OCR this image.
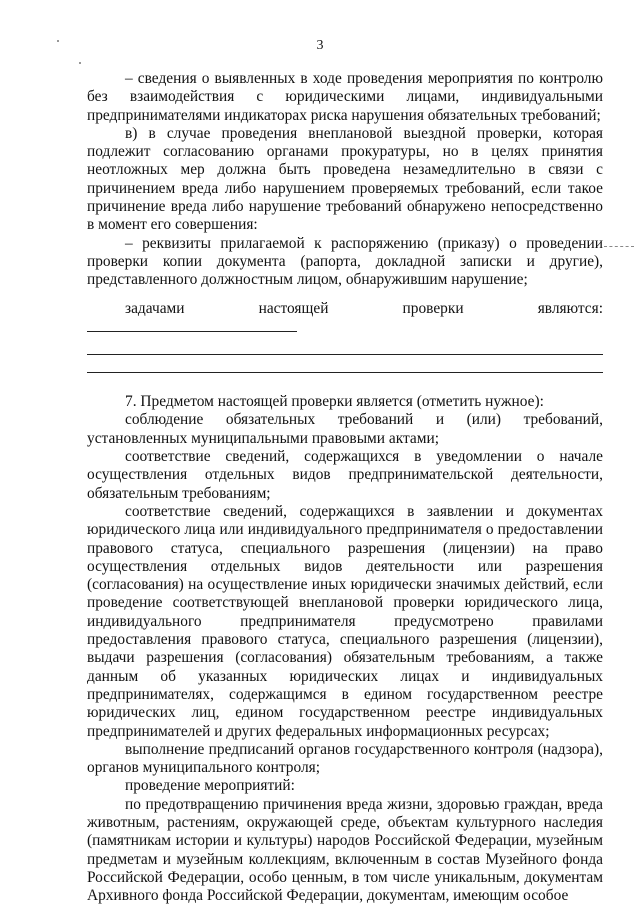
3

– сведения о выявленных в ходе проведения мероприятия по контролю без взаимодействия с юридическими лицами, индивидуальными предпринимателями индикаторах риска нарушения обязательных требований;

в) в случае проведения внеплановой выездной проверки, которая подлежит согласованию органами прокуратуры, но в целях принятия неотложных мер должна быть проведена незамедлительно в связи с причинением вреда либо нарушением проверяемых требований, если такое причинение вреда либо нарушение требований обнаружено непосредственно в момент его совершения:

– реквизиты прилагаемой к распоряжению (приказу) о проведении проверки копии документа (рапорта, докладной записки и другие), представленного должностным лицом, обнаружившим нарушение;

задачами настоящей проверки являются:

7. Предметом настоящей проверки является (отметить нужное):

соблюдение обязательных требований и (или) требований, установленных муниципальными правовыми актами;

соответствие сведений, содержащихся в уведомлении о начале осуществления отдельных видов предпринимательской деятельности, обязательным требованиям;

соответствие сведений, содержащихся в заявлении и документах юридического лица или индивидуального предпринимателя о предоставлении правового статуса, специального разрешения (лицензии) на право осуществления отдельных видов деятельности или разрешения (согласования) на осуществление иных юридически значимых действий, если проведение соответствующей внеплановой проверки юридического лица, индивидуального предпринимателя предусмотрено правилами предоставления правового статуса, специального разрешения (лицензии), выдачи разрешения (согласования) обязательным требованиям, а также данным об указанных юридических лицах и индивидуальных предпринимателях, содержащимся в едином государственном реестре юридических лиц, едином государственном реестре индивидуальных предпринимателей и других федеральных информационных ресурсах;

выполнение предписаний органов государственного контроля (надзора), органов муниципального контроля;

проведение мероприятий:

по предотвращению причинения вреда жизни, здоровью граждан, вреда животным, растениям, окружающей среде, объектам культурного наследия (памятникам истории и культуры) народов Российской Федерации, музейным предметам и музейным коллекциям, включенным в состав Музейного фонда Российской Федерации, особо ценным, в том числе уникальным, документам Архивного фонда Российской Федерации, документам, имеющим особое
